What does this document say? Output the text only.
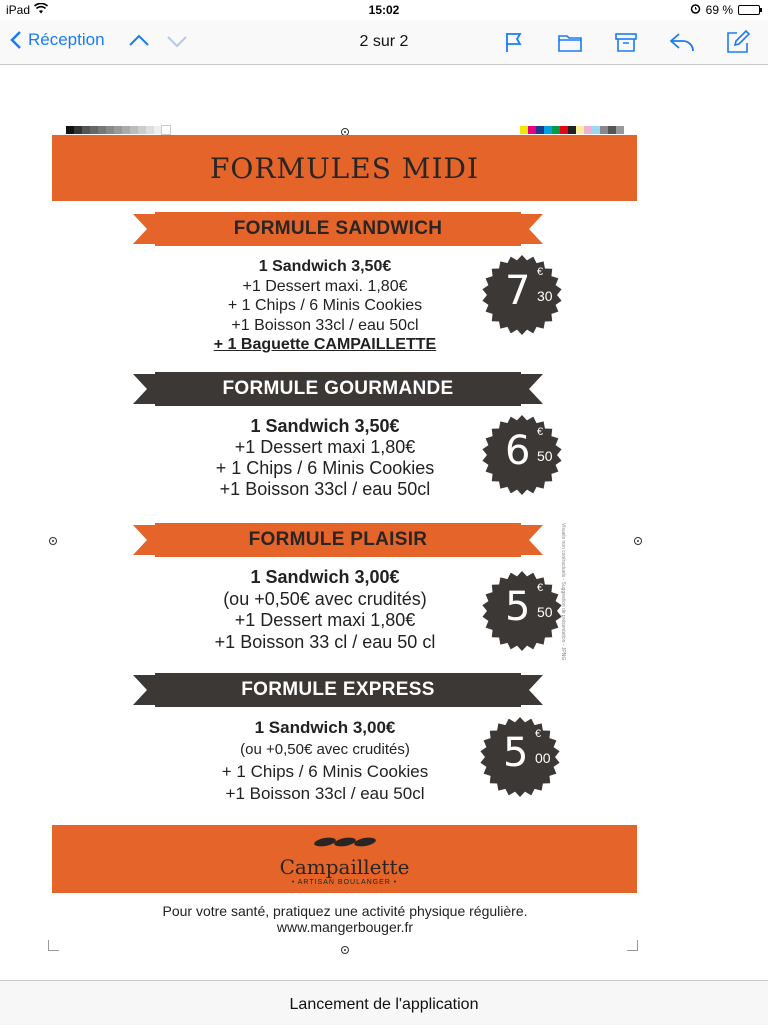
iPad	15:02	69 %
Réception	2 sur 2
FORMULES MIDI
FORMULE SANDWICH
1 Sandwich 3,50€
+1 Dessert maxi. 1,80€
+ 1 Chips / 6 Minis Cookies
+1 Boisson 33cl / eau 50cl
+ 1 Baguette CAMPAILLETTE
7 €
30
FORMULE GOURMANDE
1 Sandwich 3,50€
+1 Dessert maxi 1,80€
+ 1 Chips / 6 Minis Cookies
+1 Boisson 33cl / eau 50cl
6 €
50
FORMULE PLAISIR
1 Sandwich 3,00€
(ou +0,50€ avec crudités)
+1 Dessert maxi 1,80€
+1 Boisson 33 cl / eau 50 cl
5 €
50 Visuels non contractuels - Suggestion de présentation - JPNG
FORMULE EXPRESS
1 Sandwich 3,00€
(ou +0,50€ avec crudités)
+ 1 Chips / 6 Minis Cookies
+1 Boisson 33cl / eau 50cl
5 €
00
Campaillette
• ARTISAN BOULANGER •
Pour votre santé, pratiquez une activité physique régulière.
www.mangerbouger.fr
Lancement de l'application
